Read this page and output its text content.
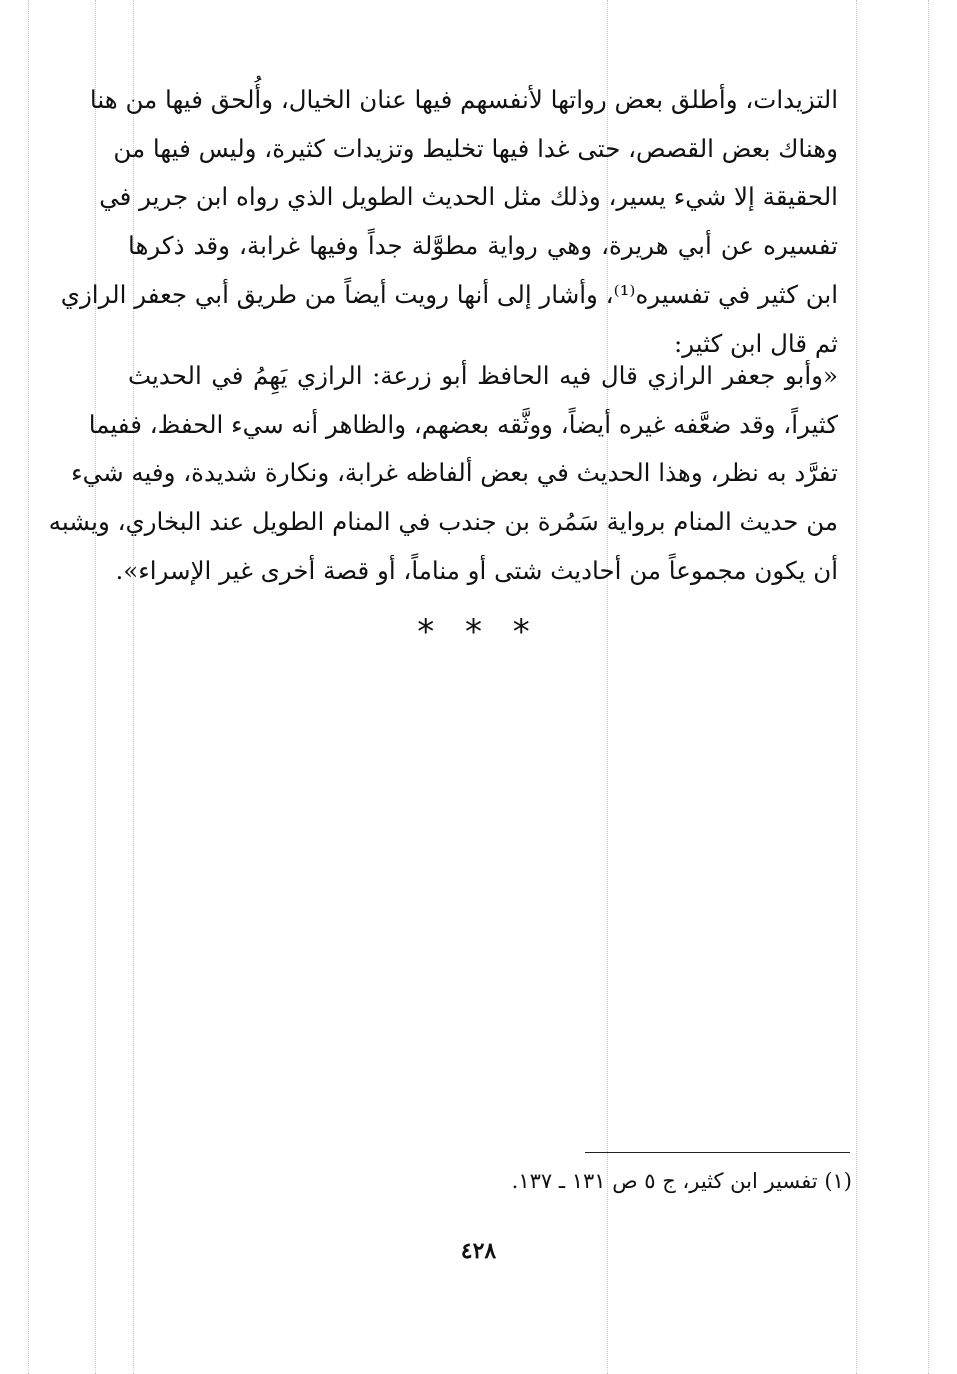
التزيدات، وأطلق بعض رواتها لأنفسهم فيها عنان الخيال، وأُلحق فيها من هنا
وهناك بعض القصص، حتى غدا فيها تخليط وتزيدات كثيرة، وليس فيها من
الحقيقة إلا شيء يسير، وذلك مثل الحديث الطويل الذي رواه ابن جرير في
تفسيره عن أبي هريرة، وهي رواية مطوَّلة جداً وفيها غرابة، وقد ذكرها
ابن كثير في تفسيره⁽¹⁾، وأشار إلى أنها رويت أيضاً من طريق أبي جعفر الرازي
ثم قال ابن كثير:

«وأبو جعفر الرازي قال فيه الحافظ أبو زرعة: الرازي يَهِمُ في الحديث
كثيراً، وقد ضعَّفه غيره أيضاً، ووثَّقه بعضهم، والظاهر أنه سيء الحفظ، ففيما
تفرَّد به نظر، وهذا الحديث في بعض ألفاظه غرابة، ونكارة شديدة، وفيه شيء
من حديث المنام برواية سَمُرة بن جندب في المنام الطويل عند البخاري، ويشبه
أن يكون مجموعاً من أحاديث شتى أو مناماً، أو قصة أخرى غير الإسراء».

* * *
(١) تفسير ابن كثير، ج ٥ ص ١٣١ ـ ١٣٧.
٤٢٨
